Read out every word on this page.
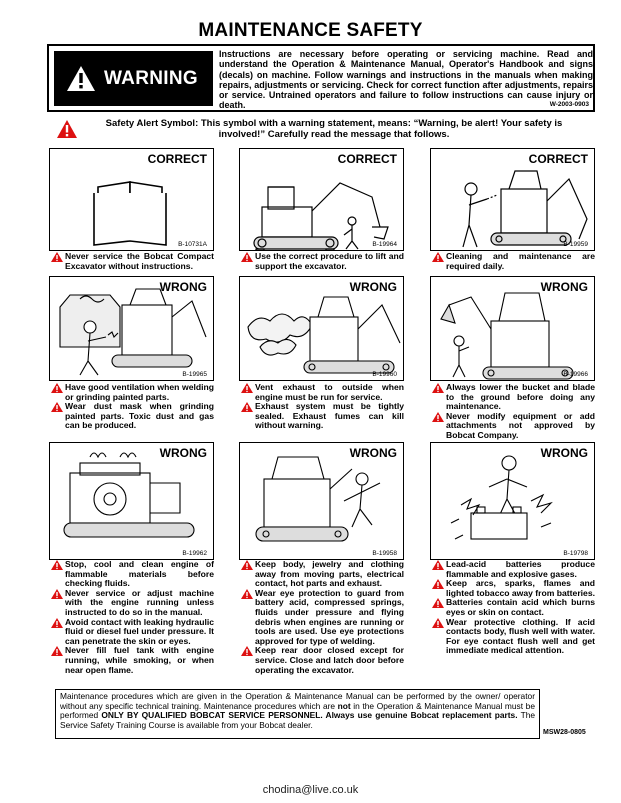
MAINTENANCE SAFETY
WARNING
Instructions are necessary before operating or servicing machine. Read and understand the Operation & Maintenance Manual, Operator's Handbook and signs (decals) on machine. Follow warnings and instructions in the manuals when making repairs, adjustments or servicing. Check for correct function after adjustments, repairs or service. Untrained operators and failure to follow instructions can cause injury or death.	W-2003-0903
Safety Alert Symbol: This symbol with a warning statement, means: “Warning, be alert! Your safety is involved!” Carefully read the message that follows.
CORRECT
B-10731A
Never service the Bobcat Compact Excavator without instructions.
CORRECT
B-19964
Use the correct procedure to lift and support the excavator.
CORRECT
B-19959
Cleaning and maintenance are required daily.
WRONG
B-19965
Have good ventilation when welding or grinding painted parts.
Wear dust mask when grinding painted parts. Toxic dust and gas can be produced.
WRONG
B-19960
Vent exhaust to outside when engine must be run for service.
Exhaust system must be tightly sealed. Exhaust fumes can kill without warning.
WRONG
B-19966
Always lower the bucket and blade to the ground before doing any maintenance.
Never modify equipment or add attachments not approved by Bobcat Company.
WRONG
B-19962
Stop, cool and clean engine of flammable materials before checking fluids.
Never service or adjust machine with the engine running unless instructed to do so in the manual.
Avoid contact with leaking hydraulic fluid or diesel fuel under pressure. It can penetrate the skin or eyes.
Never fill fuel tank with engine running, while smoking, or when near open flame.
WRONG
B-19958
Keep body, jewelry and clothing away from moving parts, electrical contact, hot parts and exhaust.
Wear eye protection to guard from battery acid, compressed springs, fluids under pressure and flying debris when engines are running or tools are used. Use eye protections approved for type of welding.
Keep rear door closed except for service. Close and latch door before operating the excavator.
WRONG
B-19798
Lead-acid batteries produce flammable and explosive gases.
Keep arcs, sparks, flames and lighted tobacco away from batteries.
Batteries contain acid which burns eyes or skin on contact.
Wear protective clothing. If acid contacts body, flush well with water. For eye contact flush well and get immediate medical attention.
Maintenance procedures which are given in the Operation & Maintenance Manual can be performed by the owner/ operator without any specific technical training. Maintenance procedures which are not in the Operation & Maintenance Manual must be performed ONLY BY QUALIFIED BOBCAT SERVICE PERSONNEL. Always use genuine Bobcat replacement parts. The Service Safety Training Course is available from your Bobcat dealer.
MSW28-0805
chodina@live.co.uk
